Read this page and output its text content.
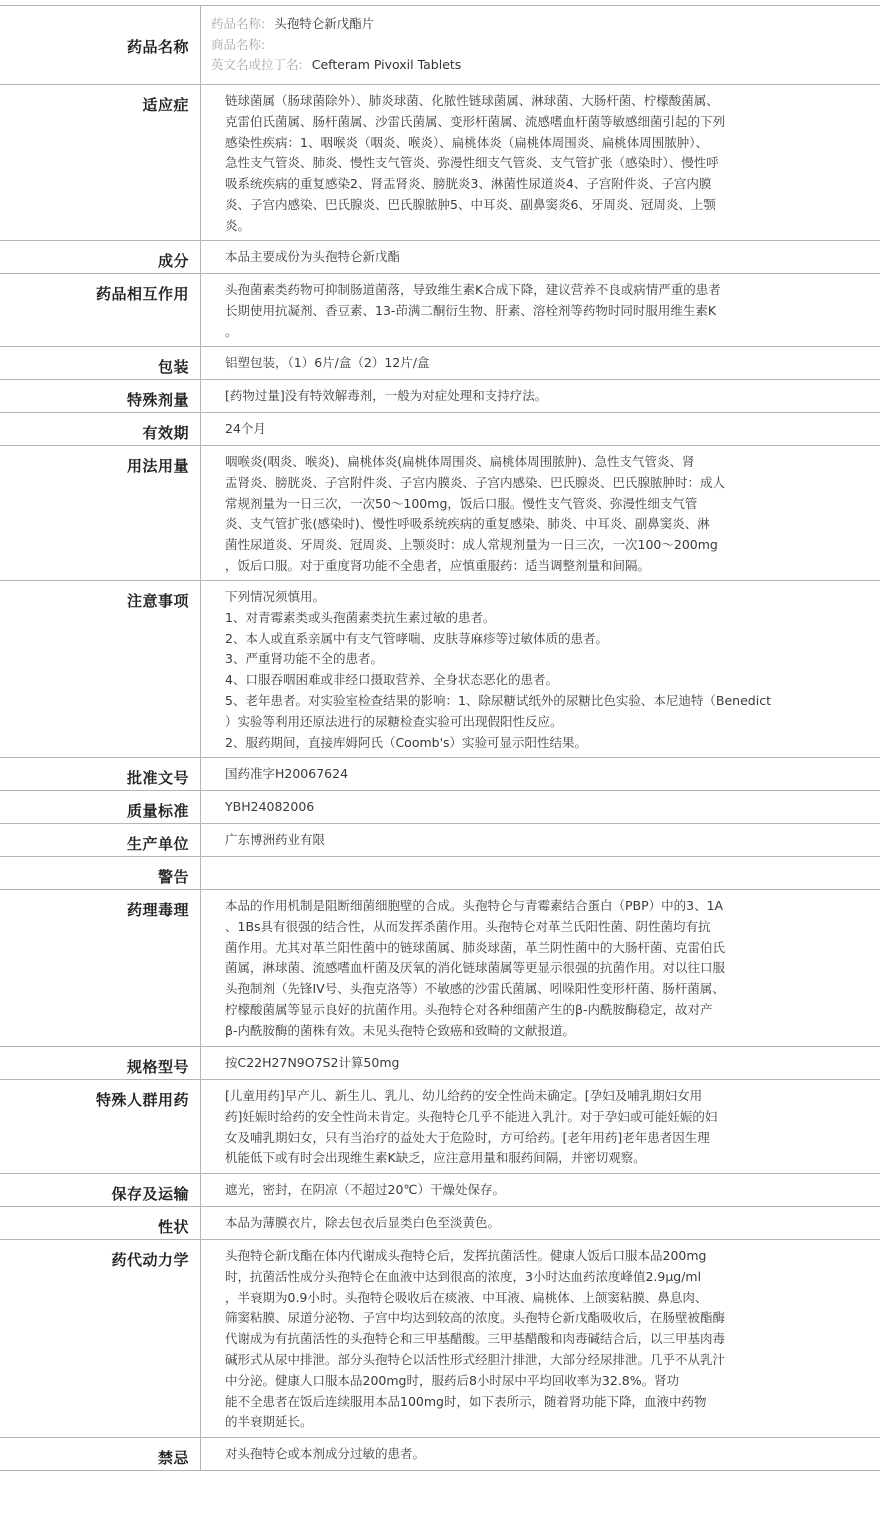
药品名称

药品名称: 头孢特仑新戊酯片

商品名称:

英文名或拉丁名: Cefteram Pivoxil Tablets

适应症	链球菌属（肠球菌除外）、肺炎球菌、化脓性链球菌属、淋球菌、大肠杆菌、柠檬酸菌属、

克雷伯氏菌属、肠杆菌属、沙雷氏菌属、变形杆菌属、流感嗜血杆菌等敏感细菌引起的下列

感染性疾病：1、咽喉炎（咽炎、喉炎）、扁桃体炎（扁桃体周围炎、扁桃体周围脓肿）、

急性支气管炎、肺炎、慢性支气管炎、弥漫性细支气管炎、支气管扩张（感染时）、慢性呼

吸系统疾病的重复感染2、肾盂肾炎、膀胱炎3、淋菌性尿道炎4、子宫附件炎、子宫内膜

炎、子宫内感染、巴氏腺炎、巴氏腺脓肿5、中耳炎、副鼻窦炎6、牙周炎、冠周炎、上颚

炎。

成分	本品主要成份为头孢特仑新戊酯

药品相互作用	头孢菌素类药物可抑制肠道菌落，导致维生素K合成下降，建议营养不良或病情严重的患者

长期使用抗凝剂、香豆素、13-茚满二酮衍生物、肝素、溶栓剂等药物时同时服用维生素K

。

包装	铝塑包装，（1）6片/盒（2）12片/盒

特殊剂量	[药物过量]没有特效解毒剂，一般为对症处理和支持疗法。

有效期	24个月

用法用量	咽喉炎(咽炎、喉炎)、扁桃体炎(扁桃体周围炎、扁桃体周围脓肿)、急性支气管炎、肾

盂肾炎、膀胱炎、子宫附件炎、子宫内膜炎、子宫内感染、巴氏腺炎、巴氏腺脓肿时：成人

常规剂量为一日三次，一次50～100mg，饭后口服。慢性支气管炎、弥漫性细支气管

炎、支气管扩张(感染时)、慢性呼吸系统疾病的重复感染、肺炎、中耳炎、副鼻窦炎、淋

菌性尿道炎、牙周炎、冠周炎、上颚炎时：成人常规剂量为一日三次，一次100～200mg

，饭后口服。对于重度肾功能不全患者，应慎重服药：适当调整剂量和间隔。

注意事项	下列情况须慎用。

1、对青霉素类或头孢菌素类抗生素过敏的患者。

2、本人或直系亲属中有支气管哮喘、皮肤荨麻疹等过敏体质的患者。

3、严重肾功能不全的患者。

4、口服吞咽困难或非经口摄取营养、全身状态恶化的患者。

5、老年患者。对实验室检查结果的影响：1、除尿糖试纸外的尿糖比色实验、本尼迪特（Benedict

）实验等利用还原法进行的尿糖检查实验可出现假阳性反应。

2、服药期间，直接库姆阿氏（Coomb's）实验可显示阳性结果。

批准文号	国药准字H20067624

质量标准	YBH24082006

生产单位	广东博洲药业有限

警告
药理毒理	本品的作用机制是阻断细菌细胞壁的合成。头孢特仑与青霉素结合蛋白（PBP）中的3、1A

、1Bs具有很强的结合性，从而发挥杀菌作用。头孢特仑对革兰氏阳性菌、阴性菌均有抗

菌作用。尤其对革兰阳性菌中的链球菌属、肺炎球菌，革兰阴性菌中的大肠杆菌、克雷伯氏

菌属，淋球菌、流感嗜血杆菌及厌氧的消化链球菌属等更显示很强的抗菌作用。对以往口服

头孢制剂（先锋IV号、头孢克洛等）不敏感的沙雷氏菌属、吲哚阳性变形杆菌、肠杆菌属、

柠檬酸菌属等显示良好的抗菌作用。头孢特仑对各种细菌产生的β-内酰胺酶稳定，故对产

β-内酰胺酶的菌株有效。未见头孢特仑致癌和致畸的文献报道。

规格型号	按C22H27N9O7S2计算50mg

特殊人群用药	[儿童用药]早产儿、新生儿、乳儿、幼儿给药的安全性尚未确定。[孕妇及哺乳期妇女用

药]妊娠时给药的安全性尚未肯定。头孢特仑几乎不能进入乳汁。对于孕妇或可能妊娠的妇

女及哺乳期妇女，只有当治疗的益处大于危险时，方可给药。[老年用药]老年患者因生理

机能低下或有时会出现维生素K缺乏，应注意用量和服药间隔，并密切观察。

保存及运输	遮光，密封，在阴凉（不超过20℃）干燥处保存。

性状	本品为薄膜衣片，除去包衣后显类白色至淡黄色。

药代动力学	头孢特仑新戊酯在体内代谢成头孢特仑后，发挥抗菌活性。健康人饭后口服本品200mg

时，抗菌活性成分头孢特仑在血液中达到很高的浓度，3小时达血药浓度峰值2.9μg/ml

，半衰期为0.9小时。头孢特仑吸收后在痰液、中耳液、扁桃体、上颌窦粘膜、鼻息肉、

筛窦粘膜、尿道分泌物、子宫中均达到较高的浓度。头孢特仑新戊酯吸收后，在肠壁被酯酶

代谢成为有抗菌活性的头孢特仑和三甲基醋酸。三甲基醋酸和肉毒碱结合后，以三甲基肉毒

碱形式从尿中排泄。部分头孢特仑以活性形式经胆汁排泄，大部分经尿排泄。几乎不从乳汁

中分泌。健康人口服本品200mg时，服药后8小时尿中平均回收率为32.8%。肾功

能不全患者在饭后连续服用本品100mg时，如下表所示，随着肾功能下降，血液中药物

的半衰期延长。

禁忌	对头孢特仑或本剂成分过敏的患者。
